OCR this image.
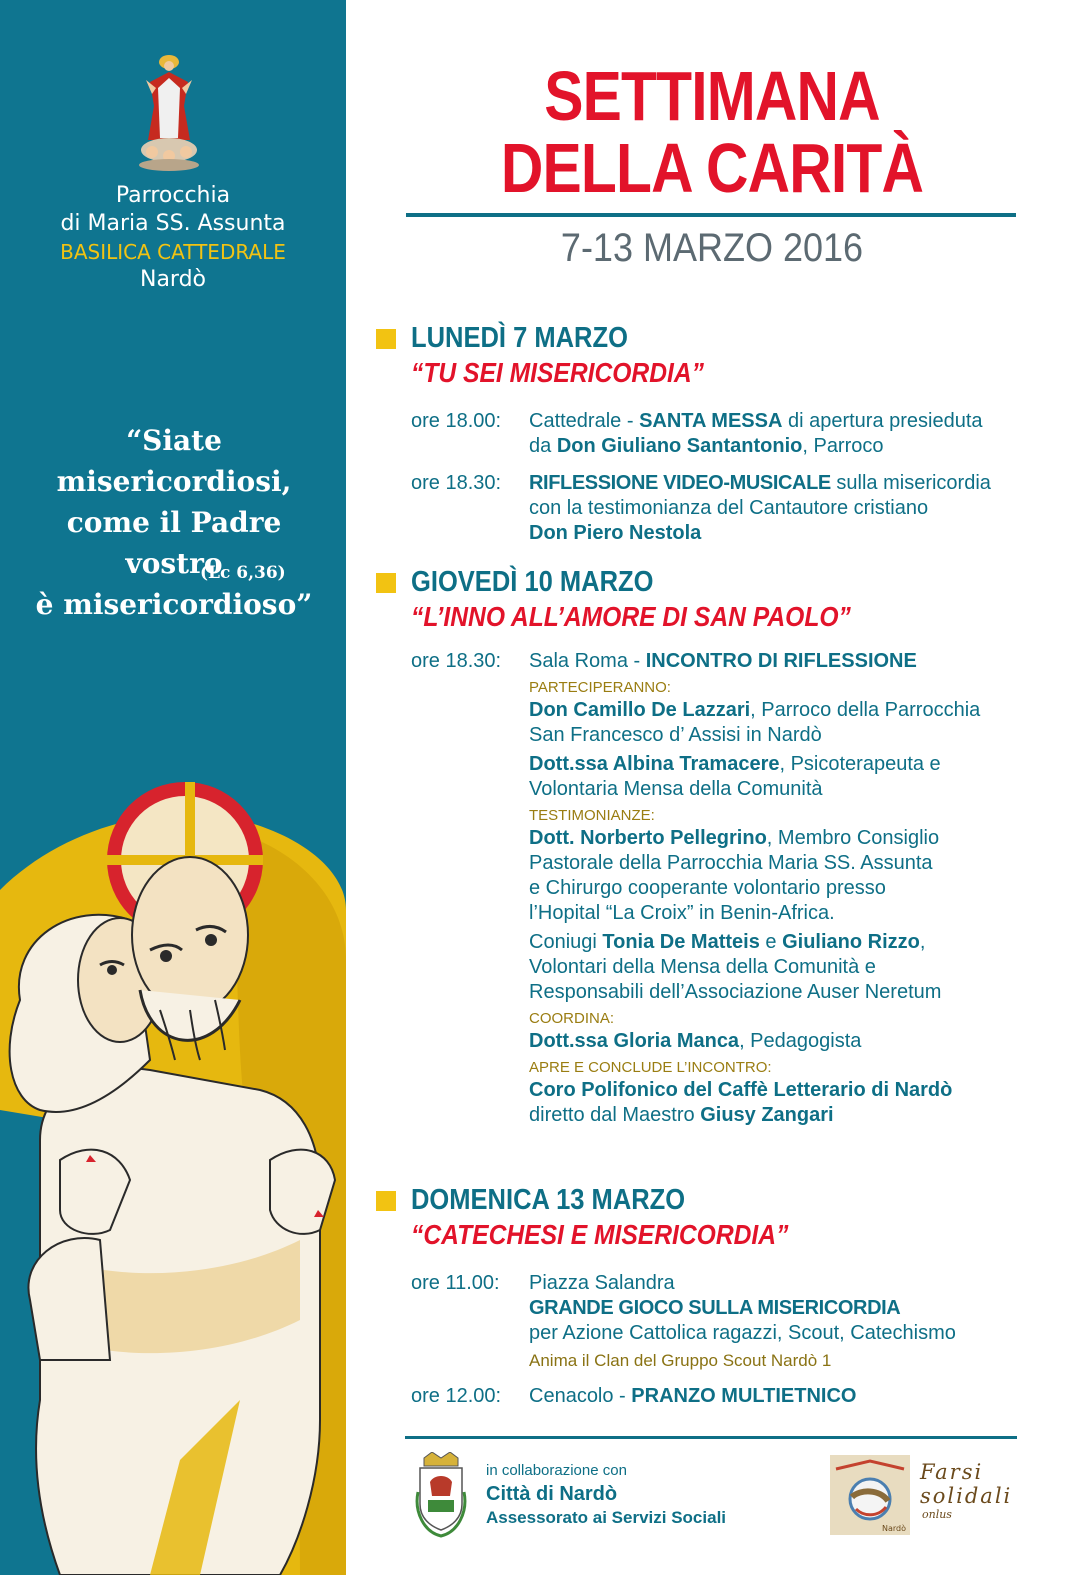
Parrocchia
di Maria SS. Assunta
BASILICA CATTEDRALE
Nardò
“Siate misericordiosi,
come il Padre vostro
è misericordioso”
(Lc 6,36)
SETTIMANA
DELLA CARITÀ
7-13 MARZO 2016
LUNEDÌ 7 MARZO
“TU SEI MISERICORDIA”
ore 18.00:	Cattedrale - SANTA MESSA di apertura presieduta
da Don Giuliano Santantonio, Parroco
ore 18.30:	RIFLESSIONE VIDEO-MUSICALE sulla misericordia
con la testimonianza del Cantautore cristiano
Don Piero Nestola
GIOVEDÌ 10 MARZO
“L’INNO ALL’AMORE DI SAN PAOLO”
ore 18.30:	Sala Roma - INCONTRO DI RIFLESSIONE
PARTECIPERANNO:
Don Camillo De Lazzari, Parroco della Parrocchia
San Francesco d’ Assisi in Nardò
Dott.ssa Albina Tramacere, Psicoterapeuta e
Volontaria Mensa della Comunità
TESTIMONIANZE:
Dott. Norberto Pellegrino, Membro Consiglio
Pastorale della Parrocchia Maria SS. Assunta
e Chirurgo cooperante volontario presso
l’Hopital “La Croix” in Benin-Africa.
Coniugi Tonia De Matteis e Giuliano Rizzo,
Volontari della Mensa della Comunità e
Responsabili dell’Associazione Auser Neretum
COORDINA:
Dott.ssa Gloria Manca, Pedagogista
APRE E CONCLUDE L’INCONTRO:
Coro Polifonico del Caffè Letterario di Nardò
diretto dal Maestro Giusy Zangari
DOMENICA 13 MARZO
“CATECHESI E MISERICORDIA”
ore 11.00:	Piazza Salandra
GRANDE GIOCO SULLA MISERICORDIA
per Azione Cattolica ragazzi, Scout, Catechismo
Anima il Clan del Gruppo Scout Nardò 1
ore 12.00:	Cenacolo - PRANZO MULTIETNICO
in collaborazione con
Città di Nardò
Assessorato ai Servizi Sociali
Nardò
Farsi
solidali
onlus
